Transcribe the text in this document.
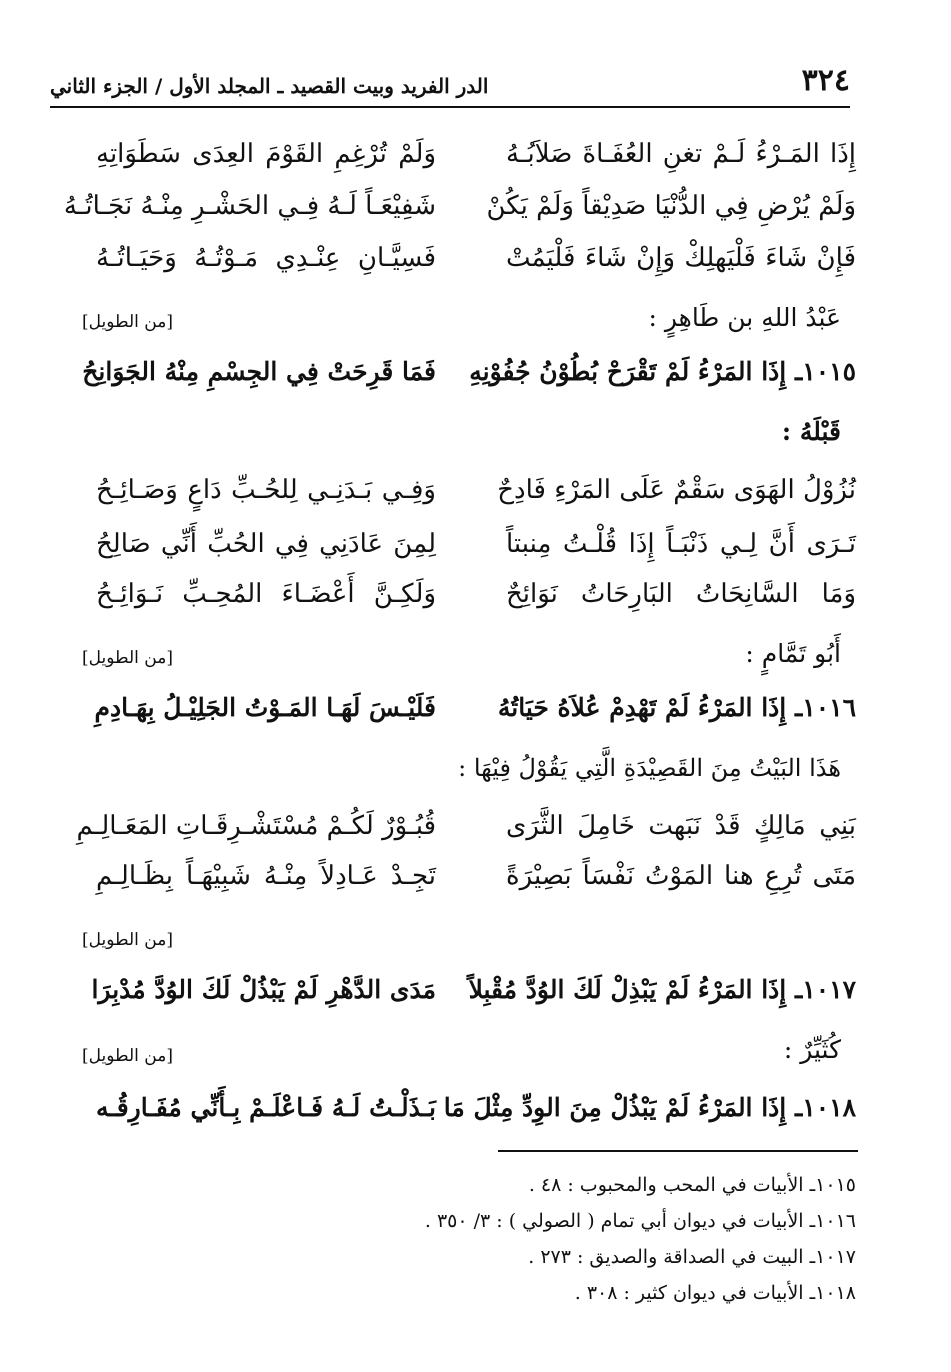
٣٢٤
الدر الفريد وبيت القصيد ـ المجلد الأول / الجزء الثاني
إِذَا المَـرْءُ لَـمْ تغنِ العُفَـاةَ صَلاَبُـهُ
وَلَمْ تُرْغِمِ القَوْمَ العِدَى سَطَوَاتِهِ
وَلَمْ يُرْضِ فِي الدُّنْيَا صَدِيْقاً وَلَمْ يَكُنْ
شَفِيْعَـاً لَـهُ فِـي الحَشْـرِ مِنْـهُ نَجَـاتُـهُ
فَإِنْ شَاءَ فَلْيَهلِكْ وَإِنْ شَاءَ فَلْيَمُتْ
فَسِيَّـانِ عِنْـدِي مَـوْتُـهُ وَحَيَـاتُـهُ
عَبْدُ اللهِ بن طَاهِرٍ :
[من الطويل]
١٠١٥ـ إِذَا المَرْءُ لَمْ تَقْرَحْ بُطُوْنُ جُفُوْنِهِ
فَمَا قَرِحَتْ فِي الجِسْمِ مِنْهُ الجَوَانِحُ
قَبْلَهُ :
نُزُوْلُ الهَوَى سَقْمٌ عَلَى المَرْءِ فَادِحٌ
وَفِـي بَـدَنِـي لِلحُـبِّ دَاعٍ وَصَـائِـحُ
تَـرَى أَنَّ لِـي ذَنْبَـاً إِذَا قُلْـتُ مِنبتاً
لِمِنَ عَادَنِي فِي الحُبِّ أَنِّي صَالِحُ
وَمَا السَّانِحَاتُ البَارِحَاتُ نَوَائِحٌ
وَلَكِـنَّ أَعْضَـاءَ المُحِـبِّ نَـوَائِـحُ
أَبُو تَمَّامٍ :
[من الطويل]
١٠١٦ـ إِذَا المَرْءُ لَمْ تَهْدِمْ عُلاَهُ حَيَاتُهُ
فَلَيْـسَ لَهَـا المَـوْتُ الجَلِيْـلُ بِهَـادِمِ
هَذَا البَيْتُ مِنَ القَصِيْدَةِ الَّتِي يَقُوْلُ فِيْهَا :
بَنِي مَالِكٍ قَدْ نَبَهت خَامِلَ الثَّرَى
قُبُـوْرٌ لَكُـمْ مُسْتَشْـرِقَـاتِ المَعَـالِـمِ
مَتَى تُرِعِ هنا المَوْتُ نَفْسَاً بَصِيْرَةً
تَجِـدْ عَـادِلاً مِنْـهُ شَبِيْهَـاً بِظَـالِـمِ
[من الطويل]
١٠١٧ـ إِذَا المَرْءُ لَمْ يَبْذِلْ لَكَ الوُدَّ مُقْبِلاً
مَدَى الدَّهْرِ لَمْ يَبْذُلْ لَكَ الوُدَّ مُدْبِرَا
كُثَيِّرٌ :
[من الطويل]
١٠١٨ـ إِذَا المَرْءُ لَمْ يَبْذُلْ مِنَ الوِدِّ مِثْلَ مَا
بَـذَلْـتُ لَـهُ فَـاعْلَـمْ بِـأَنِّي مُفَـارِقُـه
١٠١٥ـ الأبيات في المحب والمحبوب : ٤٨ .
١٠١٦ـ الأبيات في ديوان أبي تمام ( الصولي ) : ٣/ ٣٥٠ .
١٠١٧ـ البيت في الصداقة والصديق : ٢٧٣ .
١٠١٨ـ الأبيات في ديوان كثير : ٣٠٨ .
